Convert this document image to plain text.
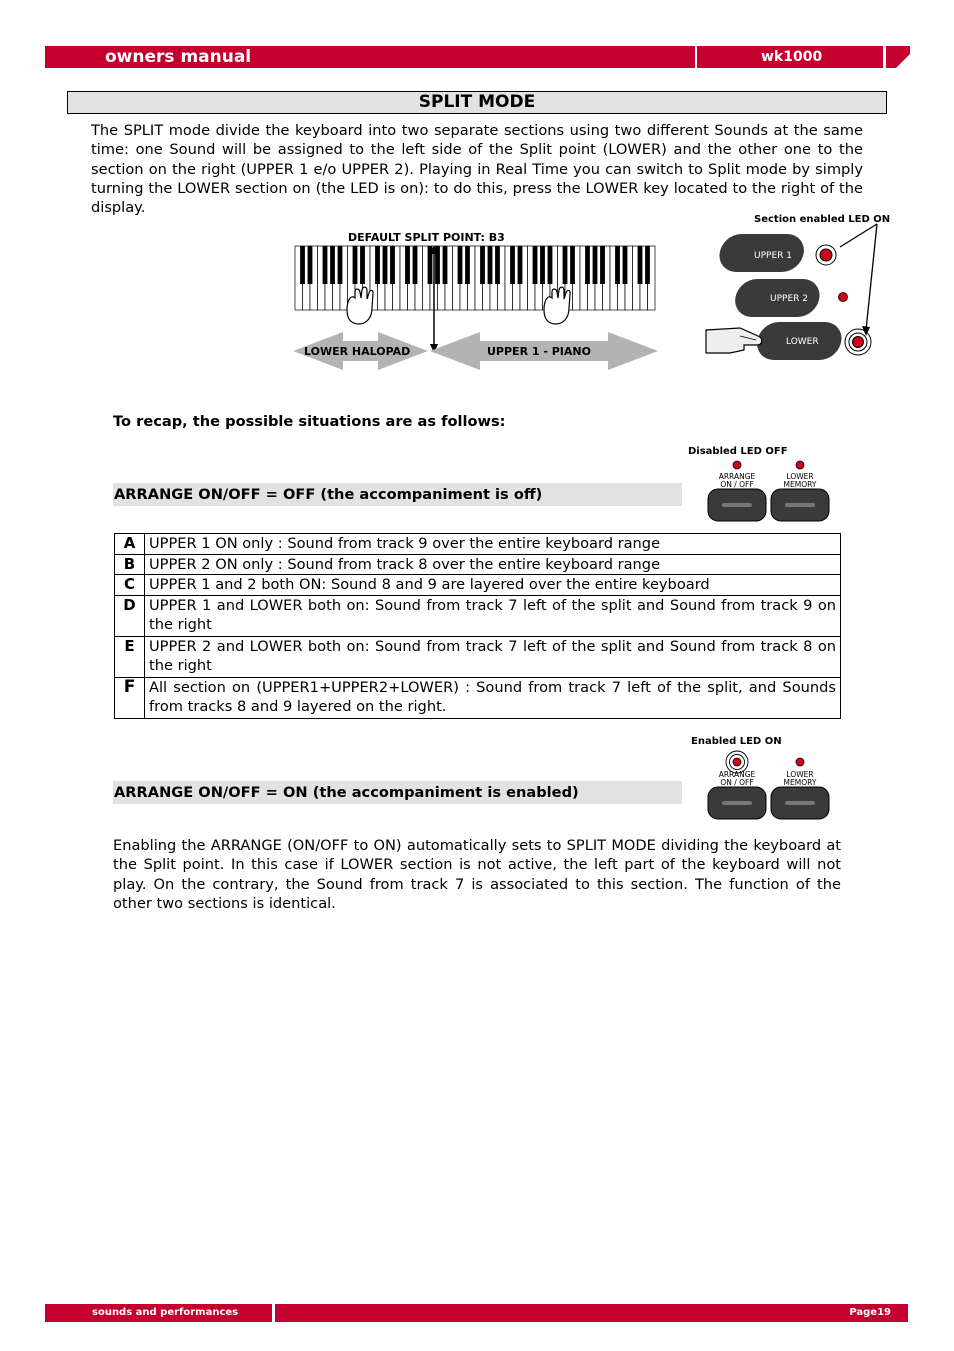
owners manual	wk1000
SPLIT MODE
The SPLIT mode divide the keyboard into two separate sections using two different Sounds at the same time: one Sound will be assigned to the left side of the Split point (LOWER) and the other one to the section on the right (UPPER 1 e/o UPPER 2). Playing in Real Time you can switch to Split mode by simply turning the LOWER section on (the LED is on): to do this, press the LOWER key located to the right of the display.
DEFAULT SPLIT POINT: B3
LOWER HALOPAD	UPPER 1 - PIANO
Section enabled LED ON
UPPER 1
UPPER 2
LOWER
To recap, the possible situations are as follows:
Disabled LED OFF
ARRANGE ON/OFF = OFF (the accompaniment is off)
ARRANGE
ON / OFF
LOWER
MEMORY
A	UPPER 1 ON only : Sound from track 9 over the entire keyboard range
B	UPPER 2 ON only : Sound from track 8 over the entire keyboard range
C	UPPER 1 and 2 both ON: Sound 8 and 9 are layered over the entire keyboard
D	UPPER 1 and LOWER both on: Sound from track 7 left of the split and Sound from track 9 on the right
E	UPPER 2 and LOWER both on: Sound from track 7 left of the split and Sound from track 8 on the right
F	All section on (UPPER1+UPPER2+LOWER) : Sound from track 7 left of the split, and Sounds from tracks 8 and 9 layered on the right.
Enabled LED ON
ARRANGE ON/OFF = ON (the accompaniment is enabled)
ARRANGE
ON / OFF
LOWER
MEMORY
Enabling the ARRANGE (ON/OFF to ON) automatically sets to SPLIT MODE dividing the keyboard at the Split point. In this case if LOWER section is not active, the left part of the keyboard will not play. On the contrary, the Sound from track 7 is associated to this section. The function of the other two sections is identical.
sounds and performances	Page19
